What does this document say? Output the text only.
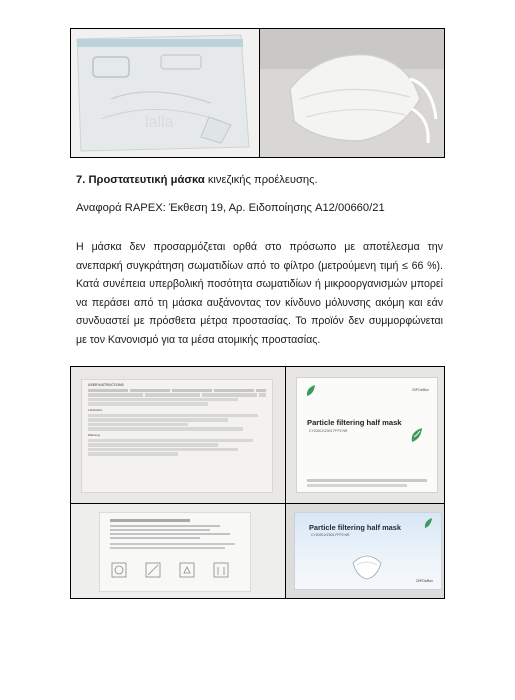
lalla
7. Προστατευτική μάσκα κινεζικής προέλευσης.
Αναφορά RAPEX: Έκθεση 19, Αρ. Ειδοποίησης A12/00660/21
Η μάσκα δεν προσαρμόζεται ορθά στο πρόσωπο με αποτέλεσμα την
ανεπαρκή συγκράτηση σωματιδίων από το φίλτρο (μετρούμενη τιμή ≤ 66 %).
Κατά συνέπεια υπερβολική ποσότητα σωματιδίων ή μικροοργανισμών μπορεί
να περάσει από τη μάσκα αυξάνοντας τον κίνδυνο μόλυνσης ακόμη και εάν
συνδυαστεί με πρόσθετα μέτρα προστασίας. Το προϊόν δεν συμμορφώνεται
με τον Κανονισμό για τα μέσα ατομικής προστασίας.
USER INSTRUCTIONS
Limitation
Warning
20PCs/Box
Particle filtering half mask
CY2020-KZ001 FFP2 NR
Particle filtering half mask
CY2020-KZ001 FFP2 NR
20PCs/Box
